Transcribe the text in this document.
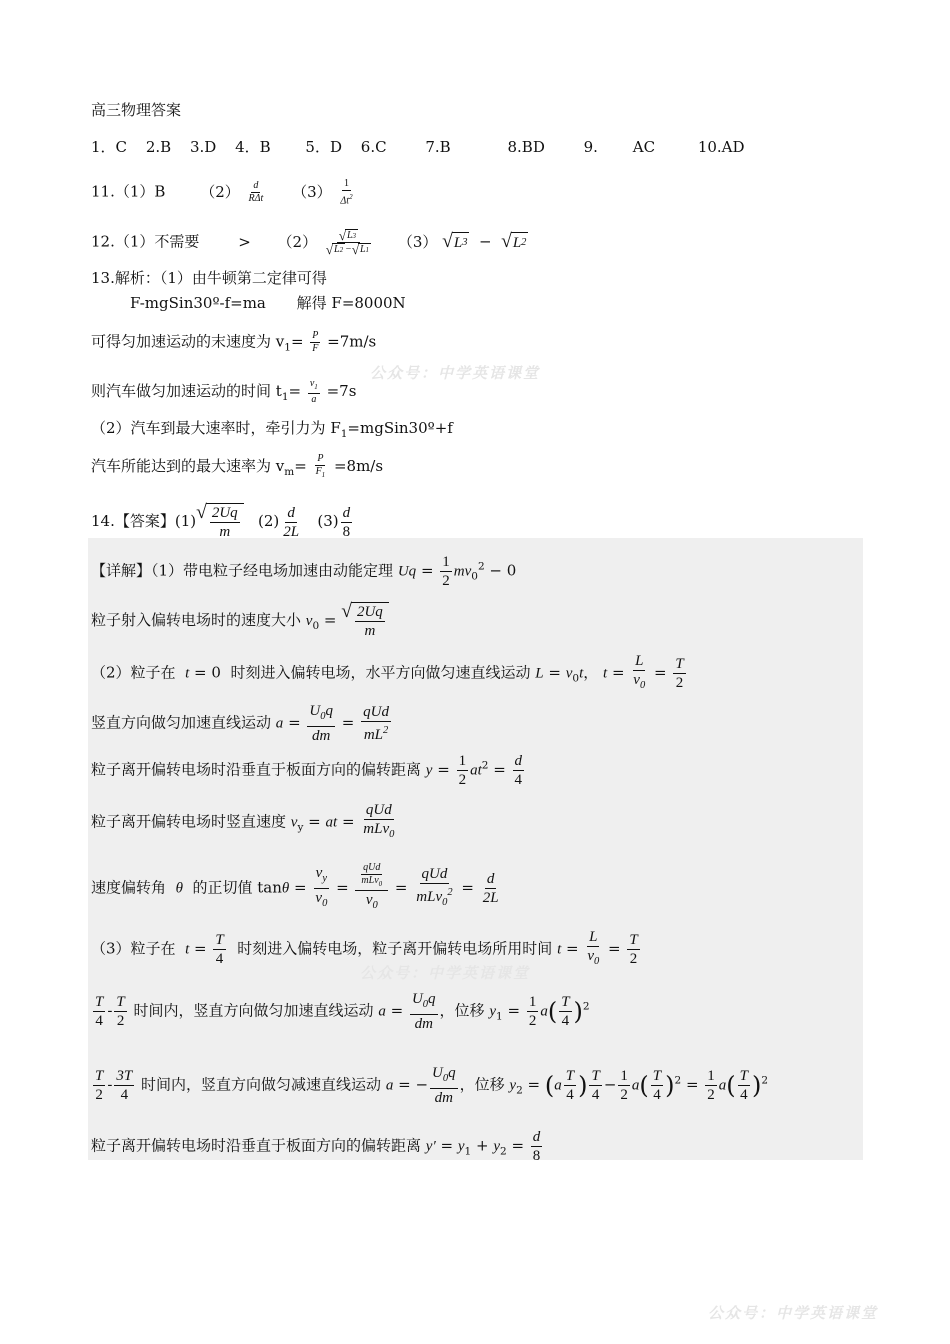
公众号：中学英语课堂
公众号：中学英语课堂
公众号：中学英语课堂
高三物理答案
1．C 2.B 3.D 4．B 5．D 6.C	7.B	8.BD	9. AC	10.AD
11.（1）B $(2) \frac{d}{\text{RΔt}} (3) \frac{1}{\Delta t^2}$
12.（1）不需要	> $(2) \frac{√ L 3}{√ L 2 - √ L 1} (3)$ √ L 3 − √ L 2
13.解析：（1）由牛顿第二定律可得
F-mgSin30º-f=ma 解得 F=8000N
可得匀加速运动的末速度为 $v_1= \frac{P}{F} =7m/s$
则汽车做匀加速运动的时间 $t_1= \frac{v_1}{a} =7s$
（2）汽车到最大速率时，牵引力为 $F_1=mgSin30º+f$
汽车所能达到的最大速率为 $v_m= \frac{P}{F_1} =8m/s$
14.【答案】(1) √ $\frac{2Uq}{m} (2) \frac{d}{2L} (3) \frac{d}{8}$
【详解】（1）带电粒子经电场加速由动能定理 $Uq = \frac{1}{2} mv_0^2 - 0$
粒子射入偏转电场时的速度大小 $v_0$ = √ $\frac{2Uq}{m}$
（2）粒子在 t = 0  时刻进入偏转电场，水平方向做匀速直线运动 $L = v_0t$， $t = \frac{L}{v_0} = \frac{T}{2}$
竖直方向做匀加速直线运动 $a = \frac{U_0q}{dm} = \frac{\text{qUd}}{mL^2}$
粒子离开偏转电场时沿垂直于板面方向的偏转距离 $y = \frac{1}{2} at^2 = \frac{d}{4}$
粒子离开偏转电场时竖直速度 $v_y$ = at = $\frac{\text{qUd}}{mLv_0}$
速度偏转角 θ 的正切值 $\tan\theta = \frac{v_y}{v_0} = \frac{\frac{\text{qUd}}{mLv_0}}{v_0} = \frac{\text{qUd}}{mLv_0^2} = \frac{d}{2L}$
（3）粒子在 $t = \frac{T}{4}$ 时刻进入偏转电场，粒子离开偏转电场所用时间 $t = \frac{L}{v_0} = \frac{T}{2}$
$\frac{T}{4} - \frac{T}{2}$ 时间内，竖直方向做匀加速直线运动 $a = \frac{U_0q}{dm}$ ，位移 $y_1 = \frac{1}{2} a( \frac{T}{4} )^2$
$\frac{T}{2} - \frac{3T}{4}$ 时间内，竖直方向做匀减速直线运动 a = − $\frac{U_0q}{dm}$ ，位移 $y_2 = (a \frac{T}{4}$ ) $\frac{T}{4} - \frac{1}{2} a( \frac{T}{4} )^2 = \frac{1}{2} a( \frac{T}{4} )^2$
粒子离开偏转电场时沿垂直于板面方向的偏转距离 $y' = y_1 + y_2 = \frac{d}{8}$
